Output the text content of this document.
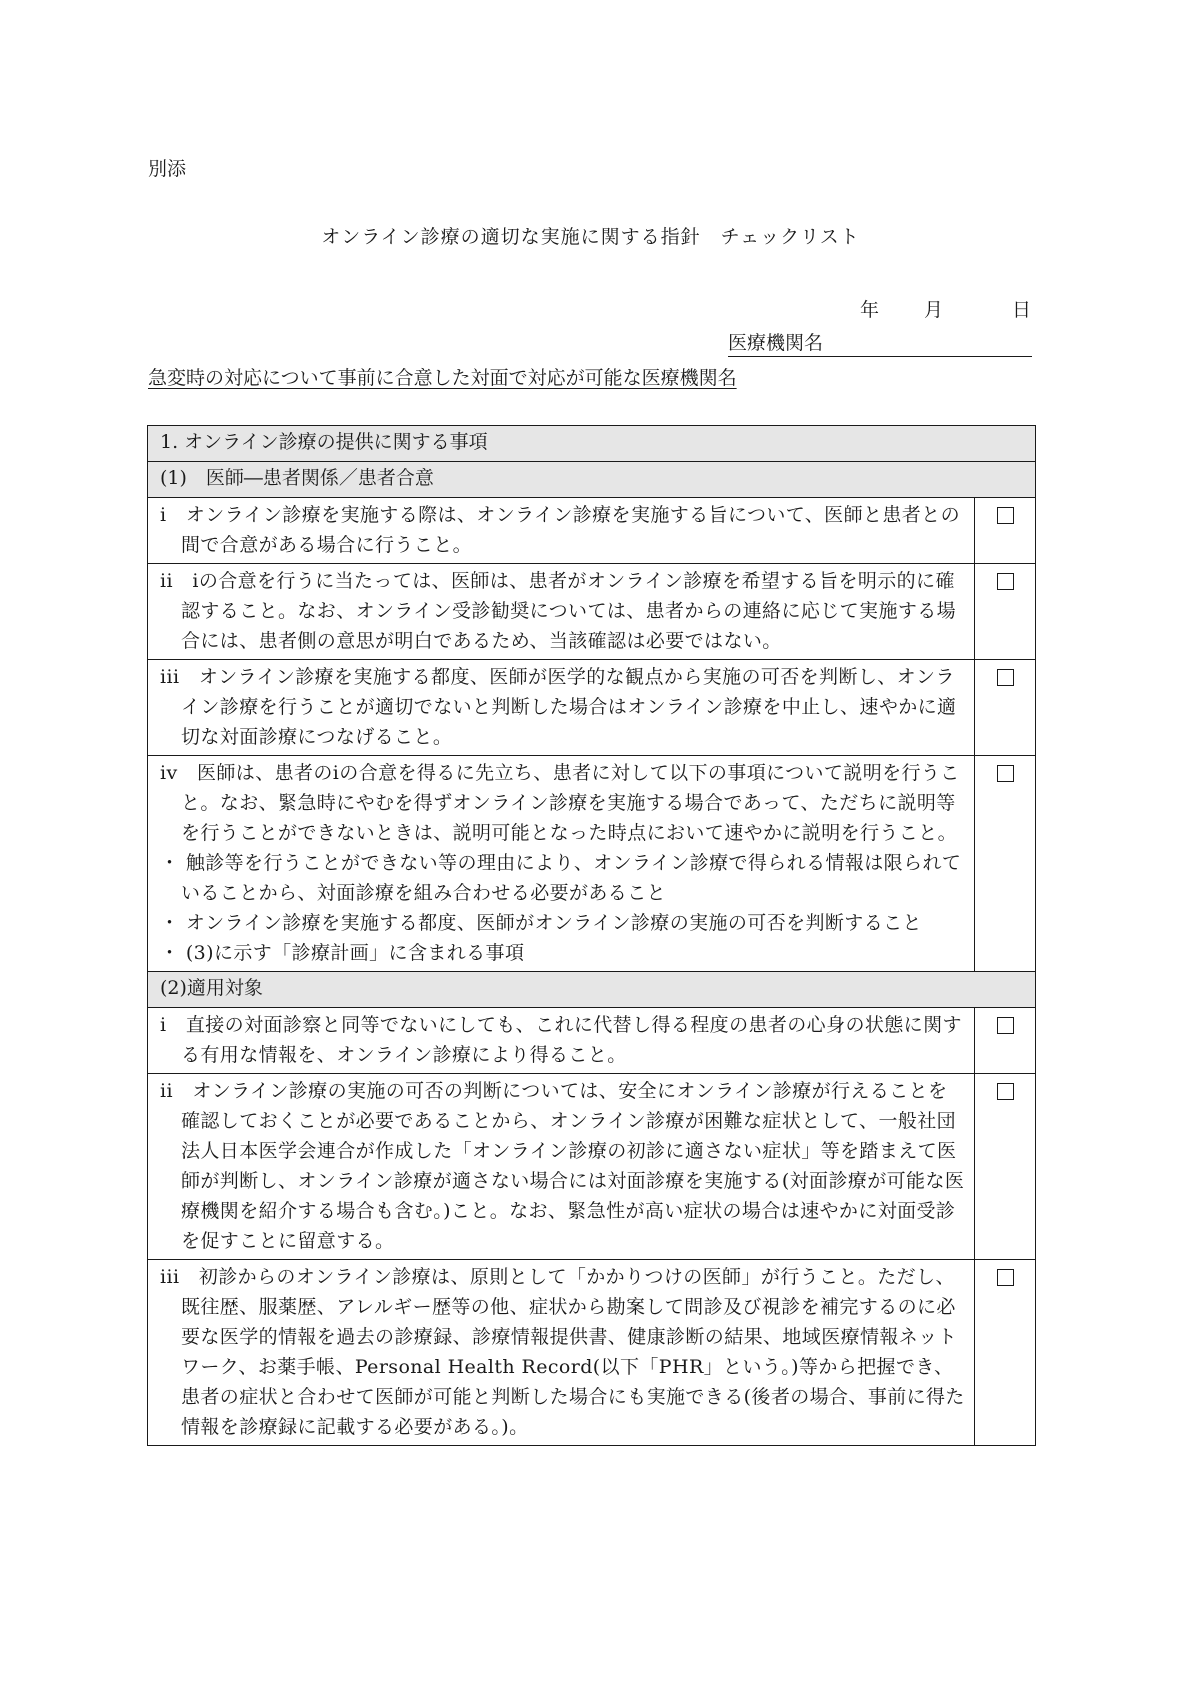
別添
オンライン診療の適切な実施に関する指針　チェックリスト
年 月	日
医療機関名
急変時の対応について事前に合意した対面で対応が可能な医療機関名
1. オンライン診療の提供に関する事項	
(1)　医師―患者関係／患者合意	

i　オンライン診療を実施する際は、オンライン診療を実施する旨について、医師と患者との間で合意がある場合に行うこと。	

ii　iの合意を行うに当たっては、医師は、患者がオンライン診療を希望する旨を明示的に確認すること。なお、オンライン受診勧奨については、患者からの連絡に応じて実施する場合には、患者側の意思が明白であるため、当該確認は必要ではない。	

iii　オンライン診療を実施する都度、医師が医学的な観点から実施の可否を判断し、オンライン診療を行うことが適切でないと判断した場合はオンライン診療を中止し、速やかに適切な対面診療につなげること。	

iv　医師は、患者のiの合意を得るに先立ち、患者に対して以下の事項について説明を行うこと。なお、緊急時にやむを得ずオンライン診療を実施する場合であって、ただちに説明等を行うことができないときは、説明可能となった時点において速やかに説明を行うこと。
・ 触診等を行うことができない等の理由により、オンライン診療で得られる情報は限られていることから、対面診療を組み合わせる必要があること
・ オンライン診療を実施する都度、医師がオンライン診療の実施の可否を判断すること
・ (3)に示す「診療計画」に含まれる事項	

(2)適用対象	

i　直接の対面診察と同等でないにしても、これに代替し得る程度の患者の心身の状態に関する有用な情報を、オンライン診療により得ること。	

ii　オンライン診療の実施の可否の判断については、安全にオンライン診療が行えることを確認しておくことが必要であることから、オンライン診療が困難な症状として、一般社団法人日本医学会連合が作成した「オンライン診療の初診に適さない症状」等を踏まえて医師が判断し、オンライン診療が適さない場合には対面診療を実施する(対面診療が可能な医療機関を紹介する場合も含む。)こと。なお、緊急性が高い症状の場合は速やかに対面受診を促すことに留意する。	

iii　初診からのオンライン診療は、原則として「かかりつけの医師」が行うこと。ただし、既往歴、服薬歴、アレルギー歴等の他、症状から勘案して問診及び視診を補完するのに必要な医学的情報を過去の診療録、診療情報提供書、健康診断の結果、地域医療情報ネットワーク、お薬手帳、Personal Health Record(以下「PHR」という。)等から把握でき、患者の症状と合わせて医師が可能と判断した場合にも実施できる(後者の場合、事前に得た情報を診療録に記載する必要がある。)。	
